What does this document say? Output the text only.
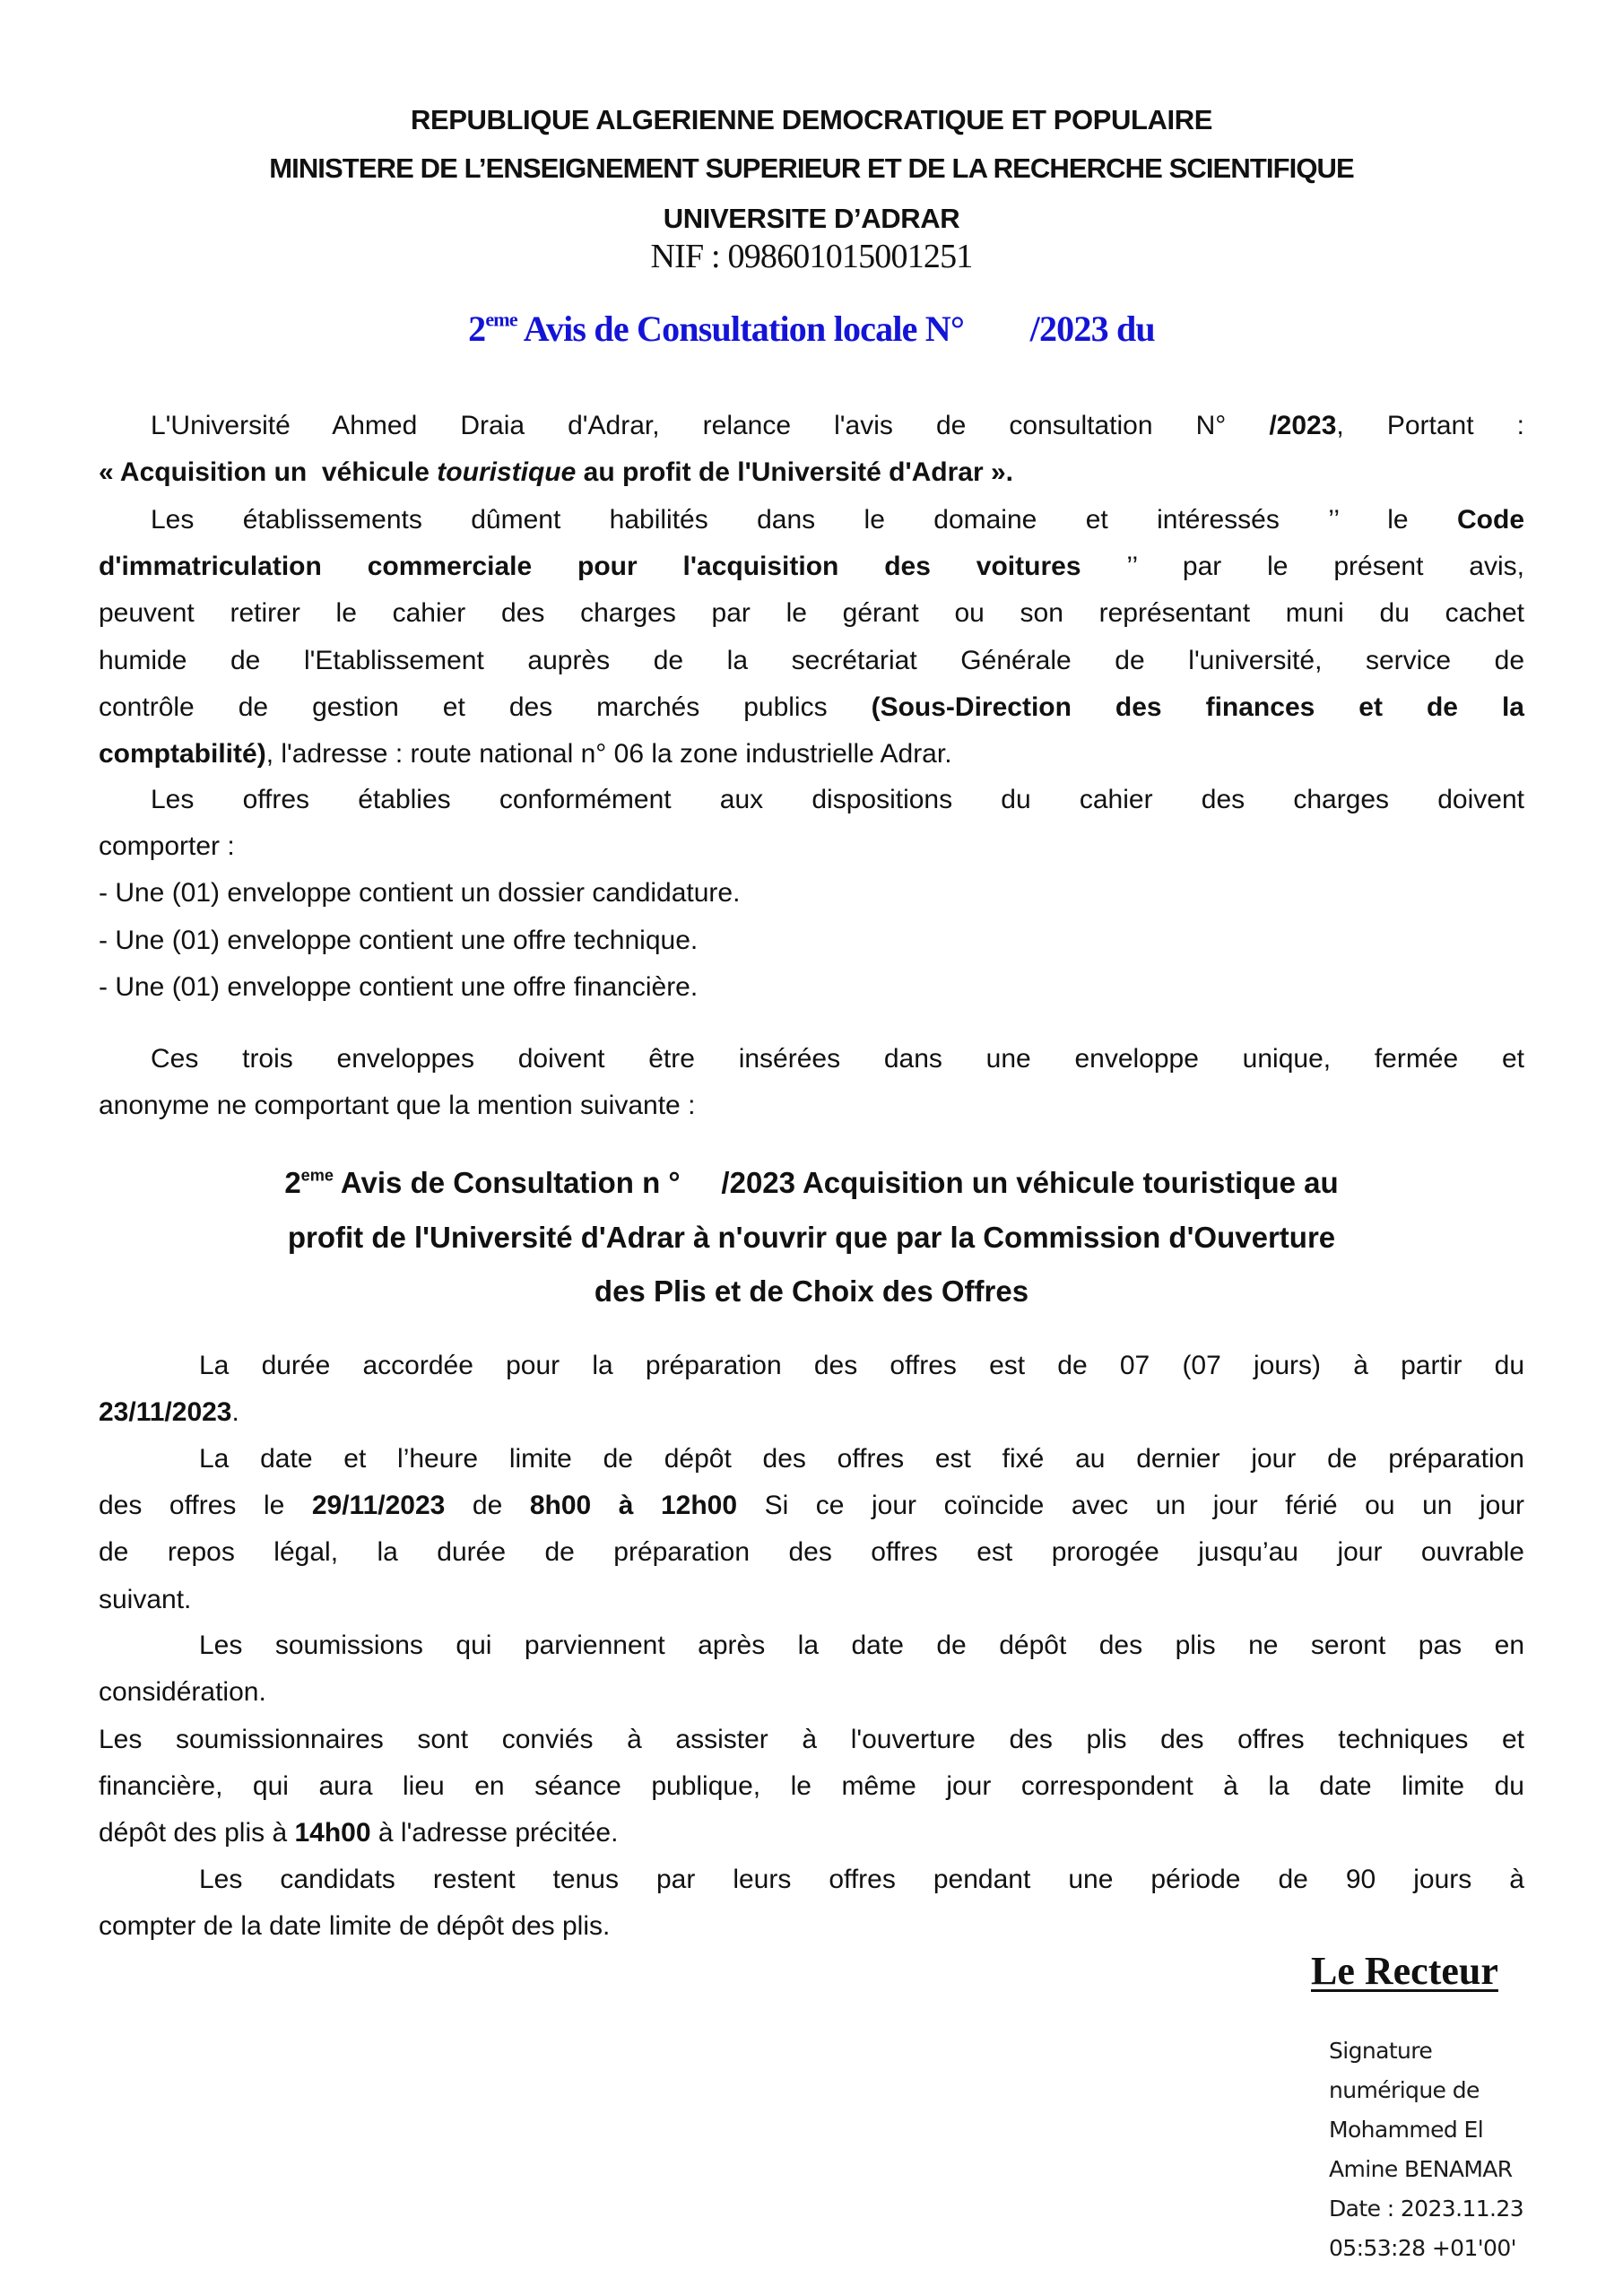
REPUBLIQUE ALGERIENNE DEMOCRATIQUE ET POPULAIRE
MINISTERE DE L’ENSEIGNEMENT SUPERIEUR ET DE LA RECHERCHE SCIENTIFIQUE
UNIVERSITE D’ADRAR
NIF : 098601015001251
2eme Avis de Consultation locale N°        /2023 du
L'Université Ahmed Draia d'Adrar, relance l'avis de consultation N° /2023, Portant :
« Acquisition un  véhicule touristique au profit de l'Université d'Adrar ».
Les établissements dûment habilités dans le domaine et intéressés ’’ le Code
d'immatriculation commerciale pour l'acquisition des voitures ’’ par le présent avis,
peuvent retirer le cahier des charges par le gérant ou son représentant muni du cachet
humide de l'Etablissement auprès de la secrétariat Générale de l'université, service de
contrôle de gestion et des marchés publics (Sous-Direction des finances et de la
comptabilité), l'adresse : route national n° 06 la zone industrielle Adrar.
Les offres établies conformément aux dispositions du cahier des charges doivent
comporter :
- Une (01) enveloppe contient un dossier candidature.
- Une (01) enveloppe contient une offre technique.
- Une (01) enveloppe contient une offre financière.
Ces trois enveloppes doivent être insérées dans une enveloppe unique, fermée et
anonyme ne comportant que la mention suivante :
2eme Avis de Consultation n °     /2023 Acquisition un véhicule touristique au
profit de l'Université d'Adrar à n'ouvrir que par la Commission d'Ouverture
des Plis et de Choix des Offres
La durée accordée pour la préparation des offres est de 07 (07 jours) à partir du
23/11/2023.
La date et l’heure limite de dépôt des offres est fixé au dernier jour de préparation
des offres le 29/11/2023 de 8h00 à 12h00 Si ce jour coïncide avec un jour férié ou un jour
de repos légal, la durée de préparation des offres est prorogée jusqu’au jour ouvrable
suivant.
Les soumissions qui parviennent après la date de dépôt des plis ne seront pas en
considération.
Les soumissionnaires sont conviés à assister à l'ouverture des plis des offres techniques et
financière, qui aura lieu en séance publique, le même jour correspondent à la date limite du
dépôt des plis à 14h00 à l'adresse précitée.
Les candidats restent tenus par leurs offres pendant une période de 90 jours à
compter de la date limite de dépôt des plis.
Le Recteur
Signature
numérique de
Mohammed El
Amine BENAMAR
Date : 2023.11.23
05:53:28 +01'00'
